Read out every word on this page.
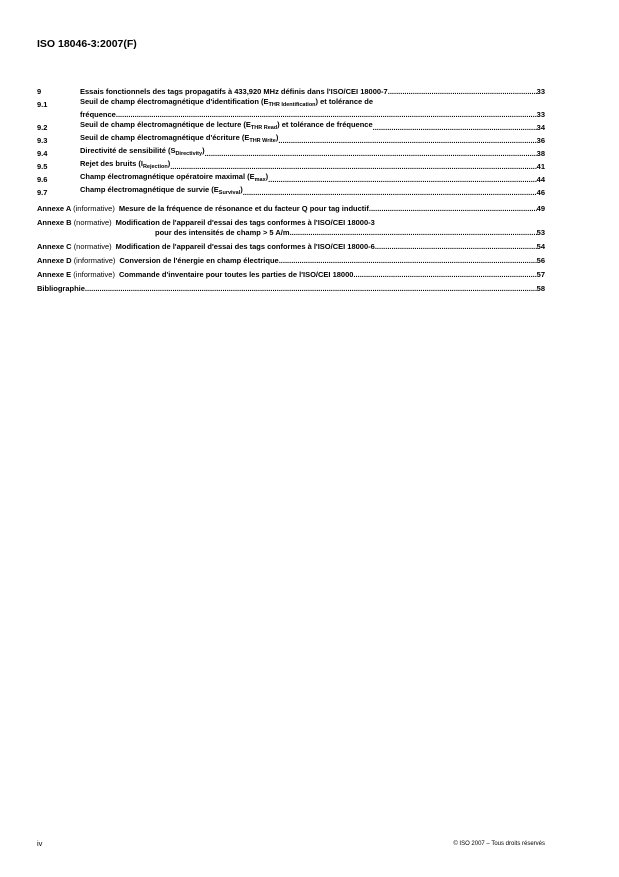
ISO 18046-3:2007(F)
9	Essais fonctionnels des tags propagatifs à 433,920 MHz définis dans l'ISO/CEI 18000-7 .....	33
9.1	Seuil de champ électromagnétique d'identification $(E_{THR Identification})$ et tolérance de
fréquence .....	33
9.2	Seuil de champ électromagnétique de lecture $(E_{THR Read})$ et tolérance de fréquence .....	34
9.3	Seuil de champ électromagnétique d'écriture $(E_{THR Write})$ .....	36
9.4	Directivité de sensibilité $(S_{Directivity})$ .....	38
9.5	Rejet des bruits $(I_{Rejection})$ .....	41
9.6	Champ électromagnétique opératoire maximal $(E_{max})$ .....	44
9.7	Champ électromagnétique de survie $(E_{Survival})$ .....	46
Annexe A (informative) Mesure de la fréquence de résonance et du facteur Q pour tag inductif .....	49
Annexe B (normative) Modification de l'appareil d'essai des tags conformes à l'ISO/CEI 18000-3
pour des intensités de champ > 5 A/m .....	53
Annexe C (normative) Modification de l'appareil d'essai des tags conformes à l'ISO/CEI 18000-6 .....	54
Annexe D (informative) Conversion de l'énergie en champ électrique .....	56
Annexe E (informative) Commande d'inventaire pour toutes les parties de l'ISO/CEI 18000 .....	57
Bibliographie .....	58
iv	© ISO 2007 – Tous droits réservés
